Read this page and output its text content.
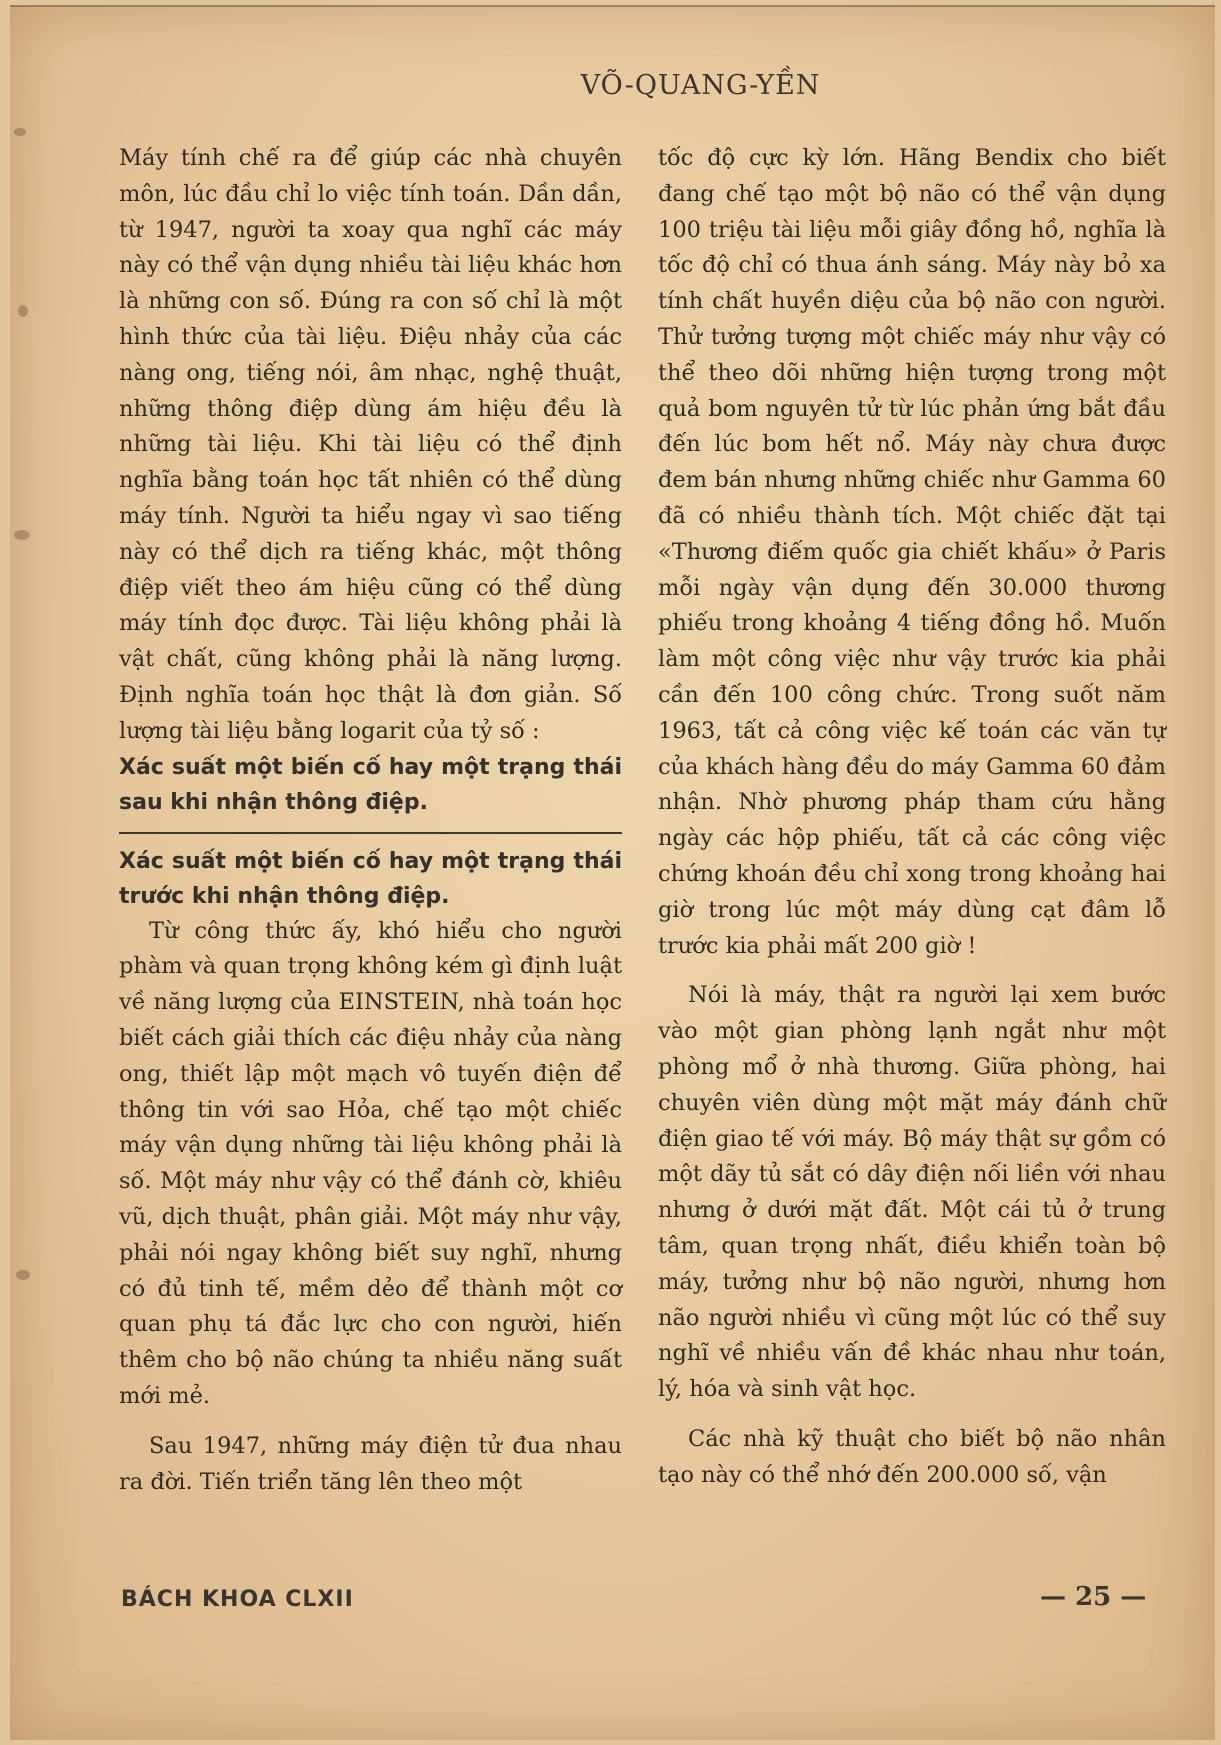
VÕ-QUANG-YỀN

Máy tính chế ra để giúp các nhà chuyên môn, lúc đầu chỉ lo việc tính toán. Dần dần, từ 1947, người ta xoay qua nghĩ các máy này có thể vận dụng nhiều tài liệu khác hơn là những con số. Đúng ra con số chỉ là một hình thức của tài liệu. Điệu nhảy của các nàng ong, tiếng nói, âm nhạc, nghệ thuật, những thông điệp dùng ám hiệu đều là những tài liệu. Khi tài liệu có thể định nghĩa bằng toán học tất nhiên có thể dùng máy tính. Người ta hiểu ngay vì sao tiếng này có thể dịch ra tiếng khác, một thông điệp viết theo ám hiệu cũng có thể dùng máy tính đọc được. Tài liệu không phải là vật chất, cũng không phải là năng lượng. Định nghĩa toán học thật là đơn giản. Số lượng tài liệu bằng logarit của tỷ số :

Xác suất một biến cố hay một trạng thái sau khi nhận thông điệp.

Xác suất một biến cố hay một trạng thái trước khi nhận thông điệp.

Từ công thức ấy, khó hiểu cho người phàm và quan trọng không kém gì định luật về năng lượng của EINSTEIN, nhà toán học biết cách giải thích các điệu nhảy của nàng ong, thiết lập một mạch vô tuyến điện để thông tin với sao Hỏa, chế tạo một chiếc máy vận dụng những tài liệu không phải là số. Một máy như vậy có thể đánh cờ, khiêu vũ, dịch thuật, phân giải. Một máy như vậy, phải nói ngay không biết suy nghĩ, nhưng có đủ tinh tế, mềm dẻo để thành một cơ quan phụ tá đắc lực cho con người, hiến thêm cho bộ não chúng ta nhiều năng suất mới mẻ.

Sau 1947, những máy điện tử đua nhau ra đời. Tiến triển tăng lên theo một

tốc độ cực kỳ lớn. Hãng Bendix cho biết đang chế tạo một bộ não có thể vận dụng 100 triệu tài liệu mỗi giây đồng hồ, nghĩa là tốc độ chỉ có thua ánh sáng. Máy này bỏ xa tính chất huyền diệu của bộ não con người. Thử tưởng tượng một chiếc máy như vậy có thể theo dõi những hiện tượng trong một quả bom nguyên tử từ lúc phản ứng bắt đầu đến lúc bom hết nổ. Máy này chưa được đem bán nhưng những chiếc như Gamma 60 đã có nhiều thành tích. Một chiếc đặt tại «Thương điếm quốc gia chiết khấu» ở Paris mỗi ngày vận dụng đến 30.000 thương phiếu trong khoảng 4 tiếng đồng hồ. Muốn làm một công việc như vậy trước kia phải cần đến 100 công chức. Trong suốt năm 1963, tất cả công việc kế toán các văn tự của khách hàng đều do máy Gamma 60 đảm nhận. Nhờ phương pháp tham cứu hằng ngày các hộp phiếu, tất cả các công việc chứng khoán đều chỉ xong trong khoảng hai giờ trong lúc một máy dùng cạt đâm lỗ trước kia phải mất 200 giờ !

Nói là máy, thật ra người lại xem bước vào một gian phòng lạnh ngắt như một phòng mổ ở nhà thương. Giữa phòng, hai chuyên viên dùng một mặt máy đánh chữ điện giao tế với máy. Bộ máy thật sự gồm có một dãy tủ sắt có dây điện nối liền với nhau nhưng ở dưới mặt đất. Một cái tủ ở trung tâm, quan trọng nhất, điều khiển toàn bộ máy, tưởng như bộ não người, nhưng hơn não người nhiều vì cũng một lúc có thể suy nghĩ về nhiều vấn đề khác nhau như toán, lý, hóa và sinh vật học.

Các nhà kỹ thuật cho biết bộ não nhân tạo này có thể nhớ đến 200.000 số, vận

BÁCH KHOA CLXII	— 25 —
